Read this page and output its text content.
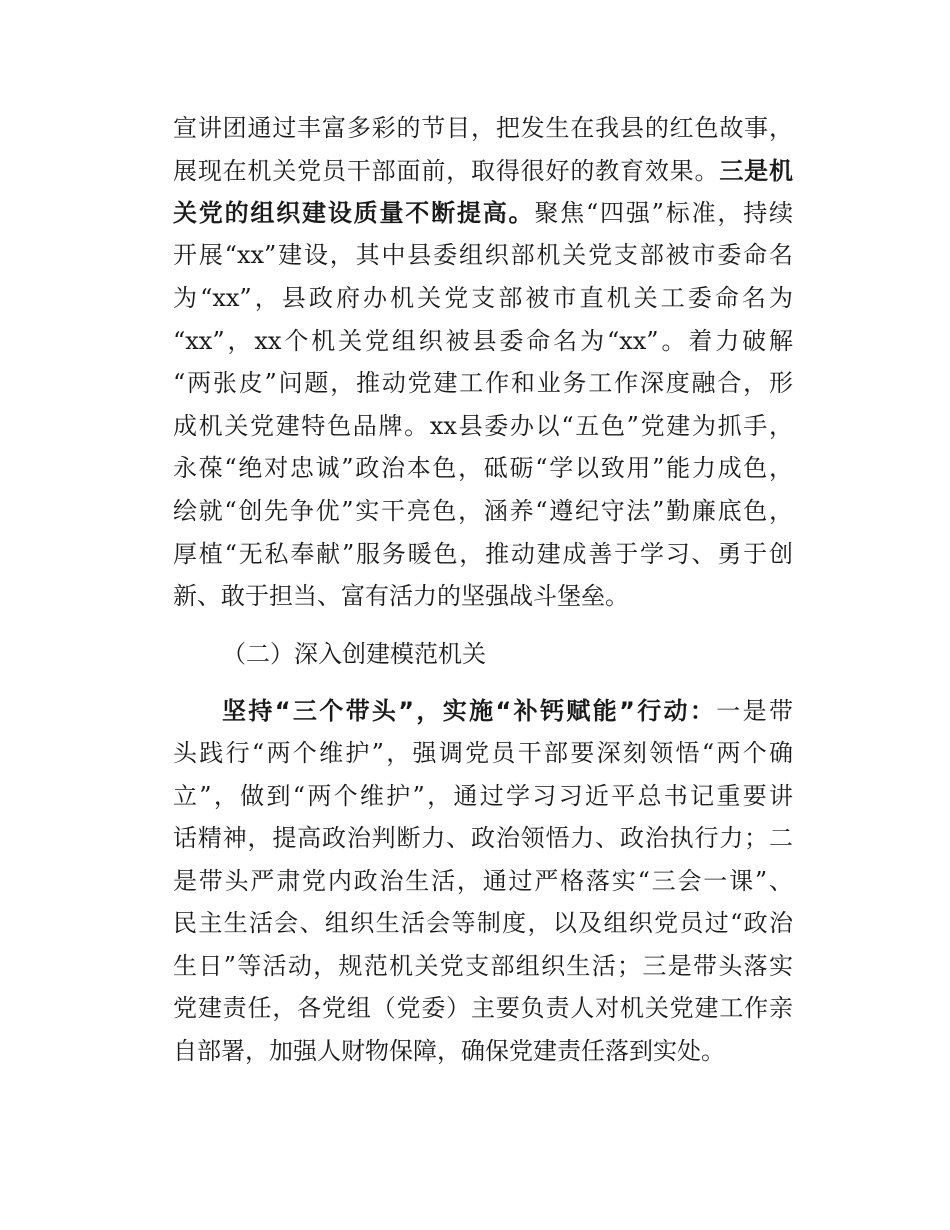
宣讲团通过丰富多彩的节目，把发生在我县的红色故事，
展现在机关党员干部面前，取得很好的教育效果。三是机
关党的组织建设质量不断提高。聚焦“四强”标准，持续
开展“xx”建设，其中县委组织部机关党支部被市委命名
为“xx”，县政府办机关党支部被市直机关工委命名为
“xx”，xx个机关党组织被县委命名为“xx”。着力破解
“两张皮”问题，推动党建工作和业务工作深度融合，形
成机关党建特色品牌。xx县委办以“五色”党建为抓手，
永葆“绝对忠诚”政治本色，砥砺“学以致用”能力成色，
绘就“创先争优”实干亮色，涵养“遵纪守法”勤廉底色，
厚植“无私奉献”服务暖色，推动建成善于学习、勇于创
新、敢于担当、富有活力的坚强战斗堡垒。
（二）深入创建模范机关
坚持“三个带头”，实施“补钙赋能”行动：一是带
头践行“两个维护”，强调党员干部要深刻领悟“两个确
立”，做到“两个维护”，通过学习习近平总书记重要讲
话精神，提高政治判断力、政治领悟力、政治执行力；二
是带头严肃党内政治生活，通过严格落实“三会一课”、
民主生活会、组织生活会等制度，以及组织党员过“政治
生日”等活动，规范机关党支部组织生活；三是带头落实
党建责任，各党组（党委）主要负责人对机关党建工作亲
自部署，加强人财物保障，确保党建责任落到实处。
